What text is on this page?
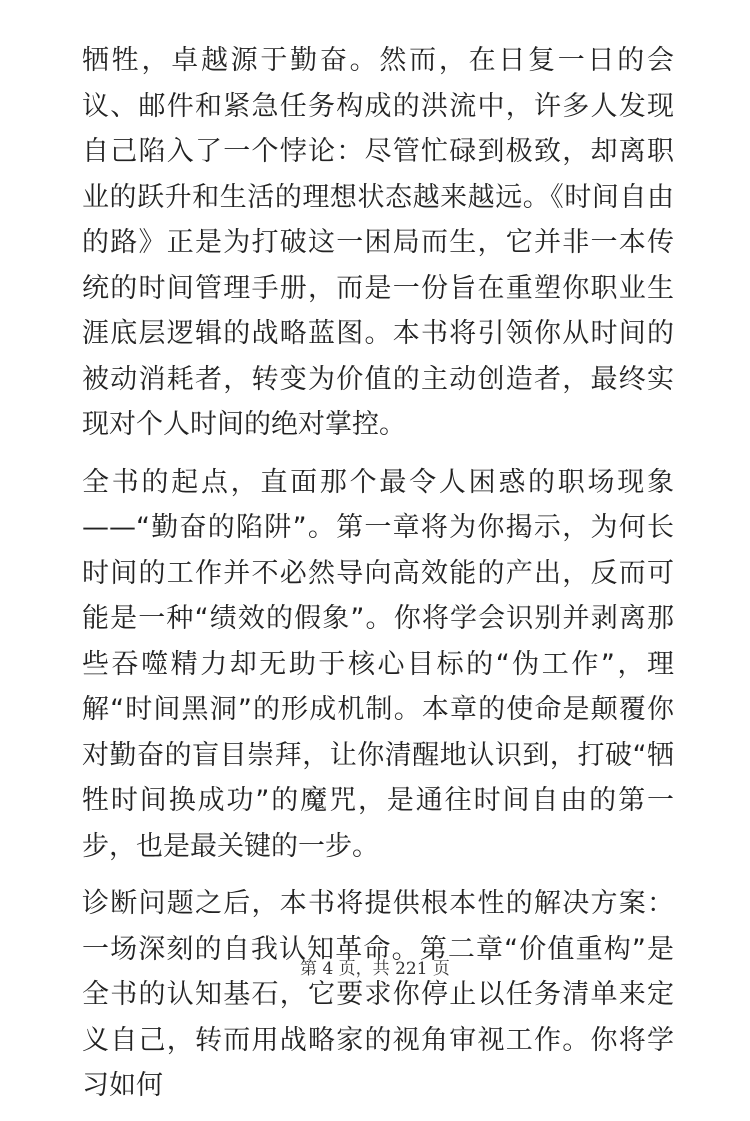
牺牲，卓越源于勤奋。然而，在日复一日的会议、邮件和紧急任务构成的洪流中，许多人发现自己陷入了一个悖论：尽管忙碌到极致，却离职业的跃升和生活的理想状态越来越远。《时间自由的路》正是为打破这一困局而生，它并非一本传统的时间管理手册，而是一份旨在重塑你职业生涯底层逻辑的战略蓝图。本书将引领你从时间的被动消耗者，转变为价值的主动创造者，最终实现对个人时间的绝对掌控。

全书的起点，直面那个最令人困惑的职场现象——“勤奋的陷阱”。第一章将为你揭示，为何长时间的工作并不必然导向高效能的产出，反而可能是一种“绩效的假象”。你将学会识别并剥离那些吞噬精力却无助于核心目标的“伪工作”，理解“时间黑洞”的形成机制。本章的使命是颠覆你对勤奋的盲目崇拜，让你清醒地认识到，打破“牺牲时间换成功”的魔咒，是通往时间自由的第一步，也是最关键的一步。

诊断问题之后，本书将提供根本性的解决方案：一场深刻的自我认知革命。第二章“价值重构”是全书的认知基石，它要求你停止以任务清单来定义自己，转而用战略家的视角审视工作。你将学习如何

第 4 页，共 221 页
